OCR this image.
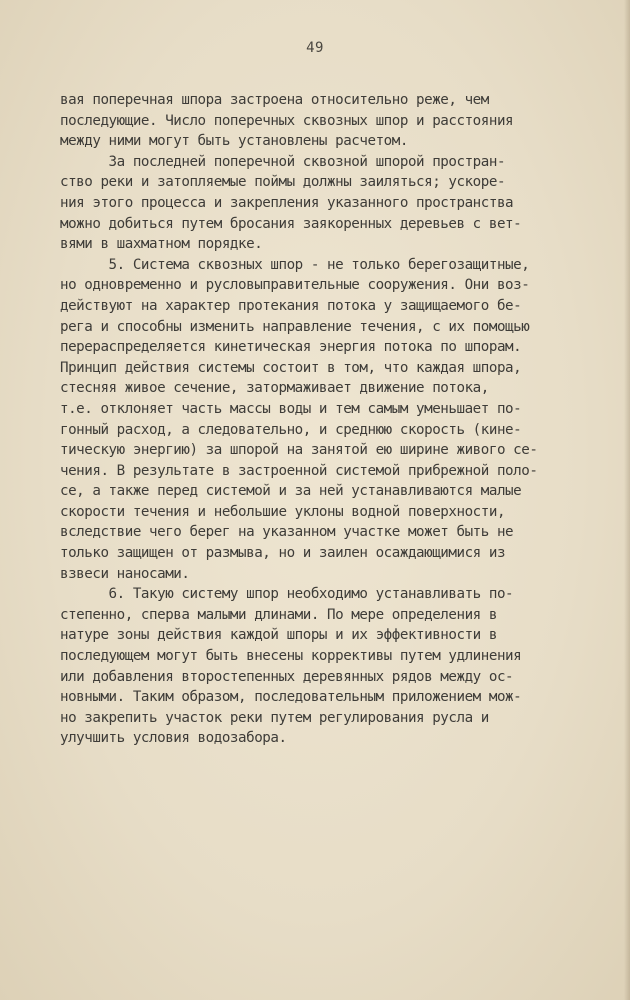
49
вая поперечная шпора застроена относительно реже, чем
последующие. Число поперечных сквозных шпор и расстояния
между ними могут быть установлены расчетом.
За последней поперечной сквозной шпорой простран-
ство реки и затопляемые поймы должны заиляться; ускоре-
ния этого процесса и закрепления указанного пространства
можно добиться путем бросания заякоренных деревьев с вет-
вями в шахматном порядке.
5. Система сквозных шпор - не только берегозащитные,
но одновременно и русловыправительные сооружения. Они воз-
действуют на характер протекания потока у защищаемого бе-
рега и способны изменить направление течения, с их помощью
перераспределяется кинетическая энергия потока по шпорам.
Принцип действия системы состоит в том, что каждая шпора,
стесняя живое сечение, затормаживает движение потока,
т.е. отклоняет часть массы воды и тем самым уменьшает по-
гонный расход, а следовательно, и среднюю скорость (кине-
тическую энергию) за шпорой на занятой ею ширине живого се-
чения. В результате в застроенной системой прибрежной поло-
се, а также перед системой и за ней устанавливаются малые
скорости течения и небольшие уклоны водной поверхности,
вследствие чего берег на указанном участке может быть не
только защищен от размыва, но и заилен осаждающимися из
взвеси наносами.
6. Такую систему шпор необходимо устанавливать по-
степенно, сперва малыми длинами. По мере определения в
натуре зоны действия каждой шпоры и их эффективности в
последующем могут быть внесены коррективы путем удлинения
или добавления второстепенных деревянных рядов между ос-
новными. Таким образом, последовательным приложением мож-
но закрепить участок реки путем регулирования русла и
улучшить условия водозабора.
